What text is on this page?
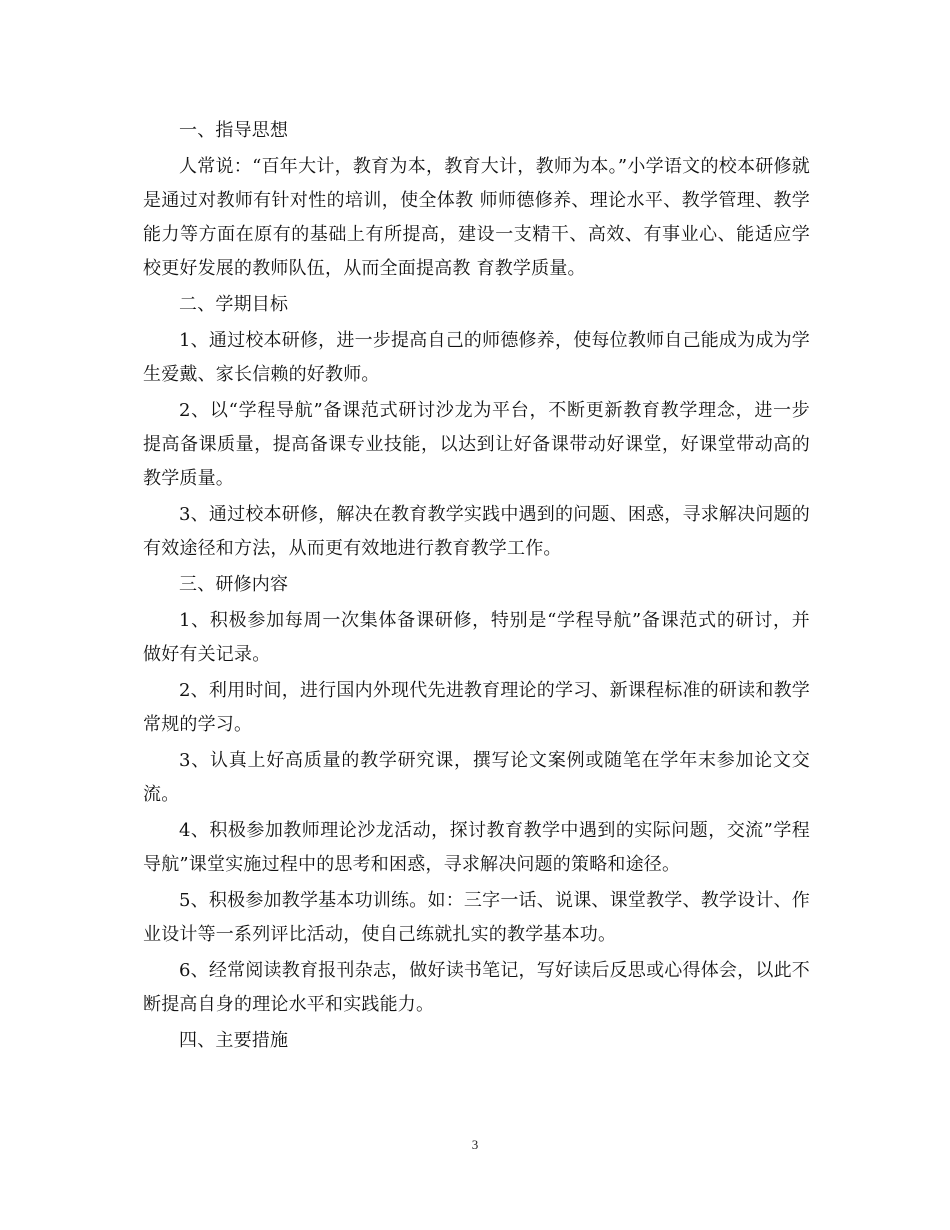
一、指导思想

人常说：“百年大计，教育为本，教育大计，教师为本。”小学语文的校本研修就是通过对教师有针对性的培训，使全体教 师师德修养、理论水平、教学管理、教学能力等方面在原有的基础上有所提高，建设一支精干、高效、有事业心、能适应学校更好发展的教师队伍，从而全面提高教 育教学质量。

二、学期目标

1、通过校本研修，进一步提高自己的师德修养，使每位教师自己能成为成为学生爱戴、家长信赖的好教师。

2、以“学程导航”备课范式研讨沙龙为平台，不断更新教育教学理念，进一步提高备课质量，提高备课专业技能，以达到让好备课带动好课堂，好课堂带动高的教学质量。

3、通过校本研修，解决在教育教学实践中遇到的问题、困惑，寻求解决问题的有效途径和方法，从而更有效地进行教育教学工作。

三、研修内容

1、积极参加每周一次集体备课研修，特别是“学程导航”备课范式的研讨，并做好有关记录。

2、利用时间，进行国内外现代先进教育理论的学习、新课程标准的研读和教学常规的学习。

3、认真上好高质量的教学研究课，撰写论文案例或随笔在学年末参加论文交流。

4、积极参加教师理论沙龙活动，探讨教育教学中遇到的实际问题，交流”学程导航”课堂实施过程中的思考和困惑，寻求解决问题的策略和途径。

5、积极参加教学基本功训练。如：三字一话、说课、课堂教学、教学设计、作业设计等一系列评比活动，使自己练就扎实的教学基本功。

6、经常阅读教育报刊杂志，做好读书笔记，写好读后反思或心得体会，以此不断提高自身的理论水平和实践能力。

四、主要措施

3
